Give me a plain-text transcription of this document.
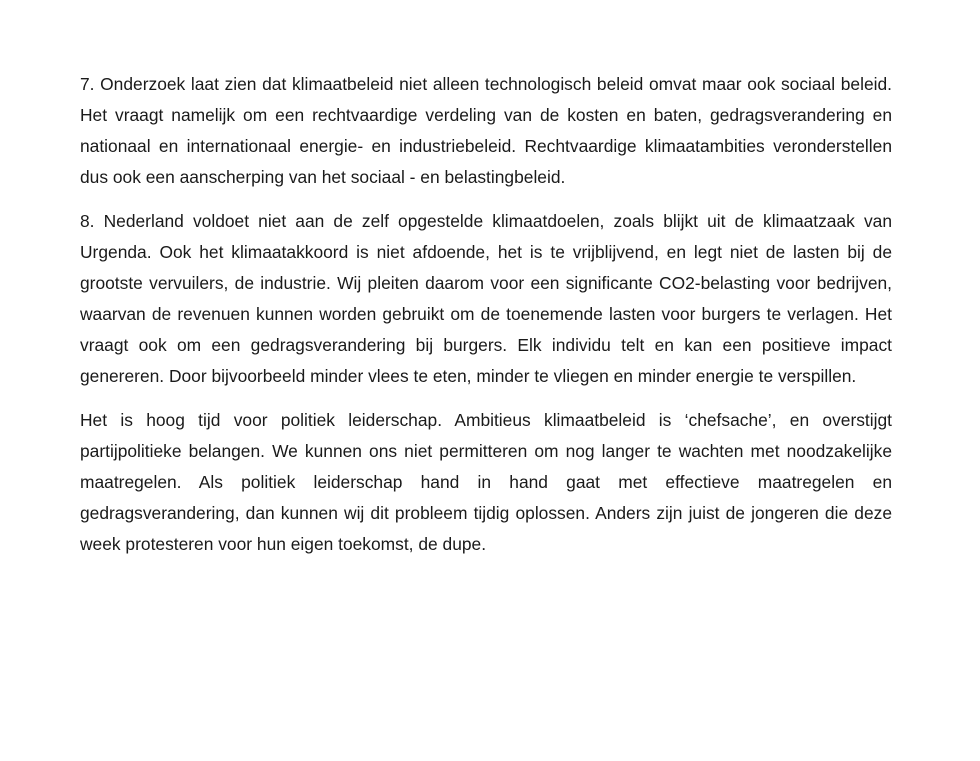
7. Onderzoek laat zien dat klimaatbeleid niet alleen technologisch beleid omvat maar ook sociaal beleid. Het vraagt namelijk om een rechtvaardige verdeling van de kosten en baten, gedragsverandering en nationaal en internationaal energie- en industriebeleid. Rechtvaardige klimaatambities veronderstellen dus ook een aanscherping van het sociaal - en belastingbeleid.

8. Nederland voldoet niet aan de zelf opgestelde klimaatdoelen, zoals blijkt uit de klimaatzaak van Urgenda. Ook het klimaatakkoord is niet afdoende, het is te vrijblijvend, en legt niet de lasten bij de grootste vervuilers, de industrie. Wij pleiten daarom voor een significante CO2-belasting voor bedrijven, waarvan de revenuen kunnen worden gebruikt om de toenemende lasten voor burgers te verlagen. Het vraagt ook om een gedragsverandering bij burgers. Elk individu telt en kan een positieve impact genereren. Door bijvoorbeeld minder vlees te eten, minder te vliegen en minder energie te verspillen.

Het is hoog tijd voor politiek leiderschap. Ambitieus klimaatbeleid is ‘chefsache’, en overstijgt partijpolitieke belangen. We kunnen ons niet permitteren om nog langer te wachten met noodzakelijke maatregelen. Als politiek leiderschap hand in hand gaat met effectieve maatregelen en gedragsverandering, dan kunnen wij dit probleem tijdig oplossen. Anders zijn juist de jongeren die deze week protesteren voor hun eigen toekomst, de dupe.
